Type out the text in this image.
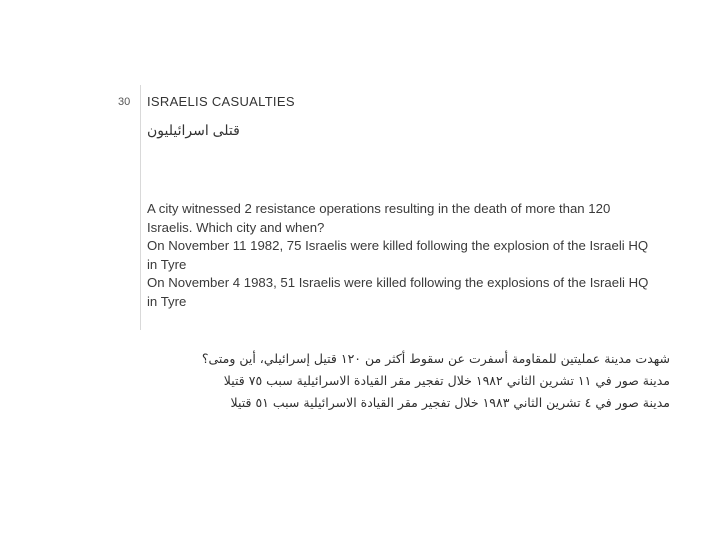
30 ISRAELIS CASUALTIES
قتلى اسرائيليون

A city witnessed 2 resistance operations resulting in the death of more than 120 Israelis. Which city and when?

On November 11 1982, 75 Israelis were killed following the explosion of the Israeli HQ in Tyre

On November 4 1983, 51 Israelis were killed following the explosions of the Israeli HQ in Tyre

شهدت مدينة عمليتين للمقاومة أسفرت عن سقوط أكثر من ١٢٠ قتيل إسرائيلي، أين ومتى؟

مدينة صور في ١١ تشرين الثاني ١٩٨٢ خلال تفجير مقر القيادة الاسرائيلية سبب ٧٥ قتيلا

مدينة صور في ٤ تشرين الثاني ١٩٨٣ خلال تفجير مقر القيادة الاسرائيلية سبب ٥١ قتيلا
